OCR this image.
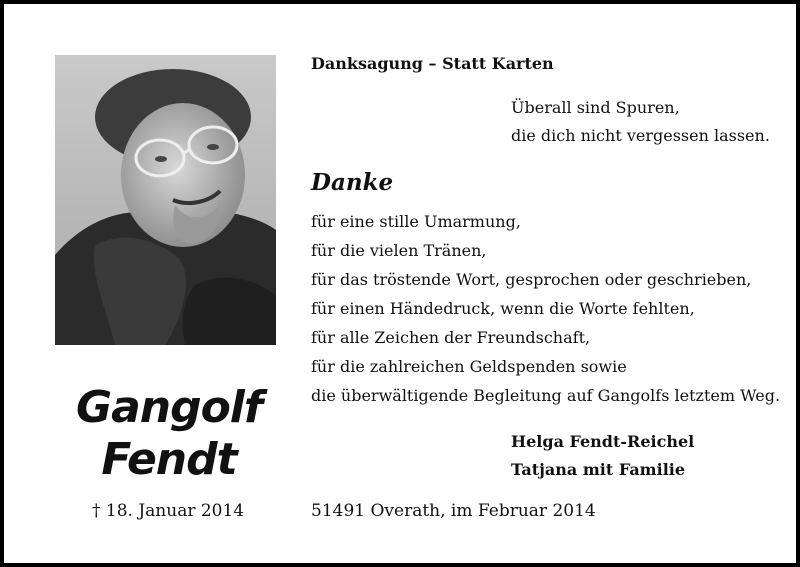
Gangolf
Fendt
† 18. Januar 2014
Danksagung – Statt Karten
Überall sind Spuren,
die dich nicht vergessen lassen.
Danke
für eine stille Umarmung,
für die vielen Tränen,
für das tröstende Wort, gesprochen oder geschrieben,
für einen Händedruck, wenn die Worte fehlten,
für alle Zeichen der Freundschaft,
für die zahlreichen Geldspenden sowie
die überwältigende Begleitung auf Gangolfs letztem Weg.
Helga Fendt-Reichel
Tatjana mit Familie
51491 Overath, im Februar 2014
